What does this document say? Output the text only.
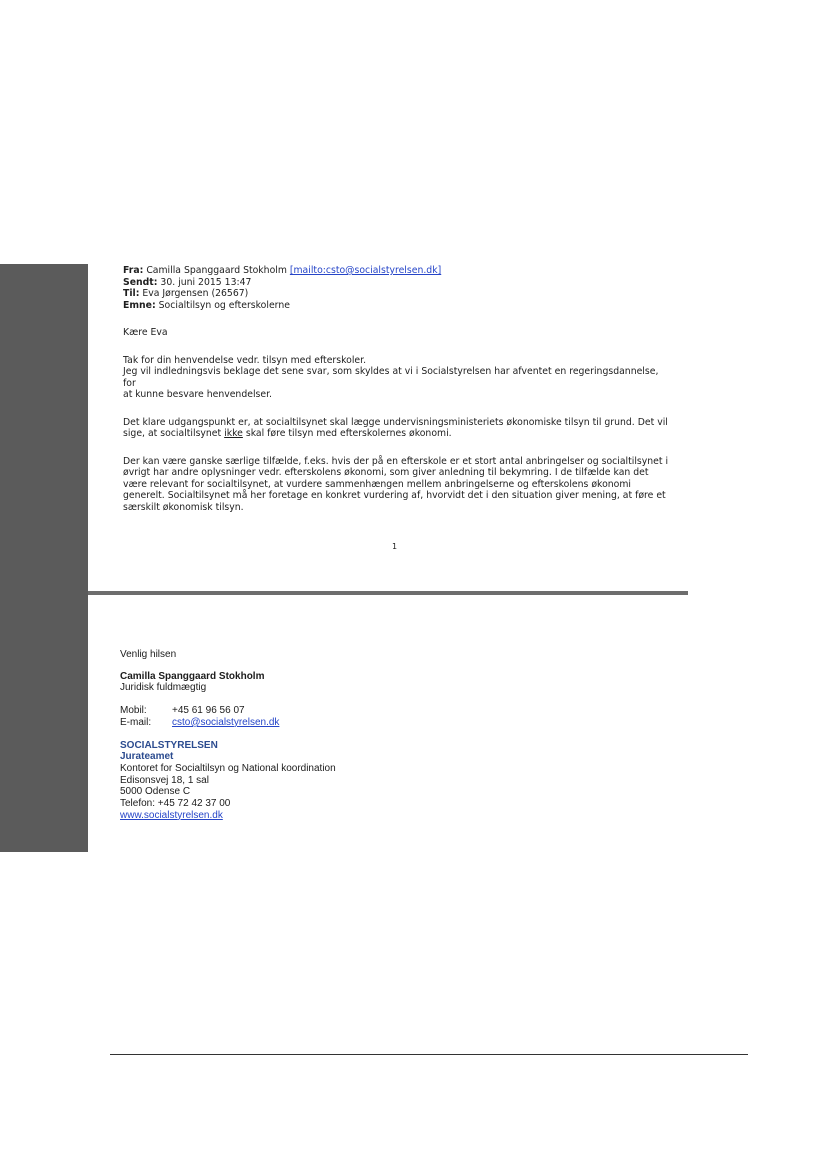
Fra: Camilla Spanggaard Stokholm [mailto:csto@socialstyrelsen.dk]
Sendt: 30. juni 2015 13:47
Til: Eva Jørgensen (26567)
Emne: Socialtilsyn og efterskolerne
Kære Eva

Tak for din henvendelse vedr. tilsyn med efterskoler.

Jeg vil indledningsvis beklage det sene svar, som skyldes at vi i Socialstyrelsen har afventet en regeringsdannelse, for

at kunne besvare henvendelser.

Det klare udgangspunkt er, at socialtilsynet skal lægge undervisningsministeriets økonomiske tilsyn til grund. Det vil

sige, at socialtilsynet ikke skal føre tilsyn med efterskolernes økonomi.

Der kan være ganske særlige tilfælde, f.eks. hvis der på en efterskole er et stort antal anbringelser og socialtilsynet i

øvrigt har andre oplysninger vedr. efterskolens økonomi, som giver anledning til bekymring. I de tilfælde kan det

være relevant for socialtilsynet, at vurdere sammenhængen mellem anbringelserne og efterskolens økonomi

generelt. Socialtilsynet må her foretage en konkret vurdering af, hvorvidt det i den situation giver mening, at føre et

særskilt økonomisk tilsyn.

1
Venlig hilsen
Camilla Spanggaard Stokholm
Juridisk fuldmægtig
Mobil:	+45 61 96 56 07
E-mail:	csto@socialstyrelsen.dk
SOCIALSTYRELSEN
Jurateamet
Kontoret for Socialtilsyn og National koordination
Edisonsvej 18, 1 sal
5000 Odense C
Telefon: +45 72 42 37 00
www.socialstyrelsen.dk
